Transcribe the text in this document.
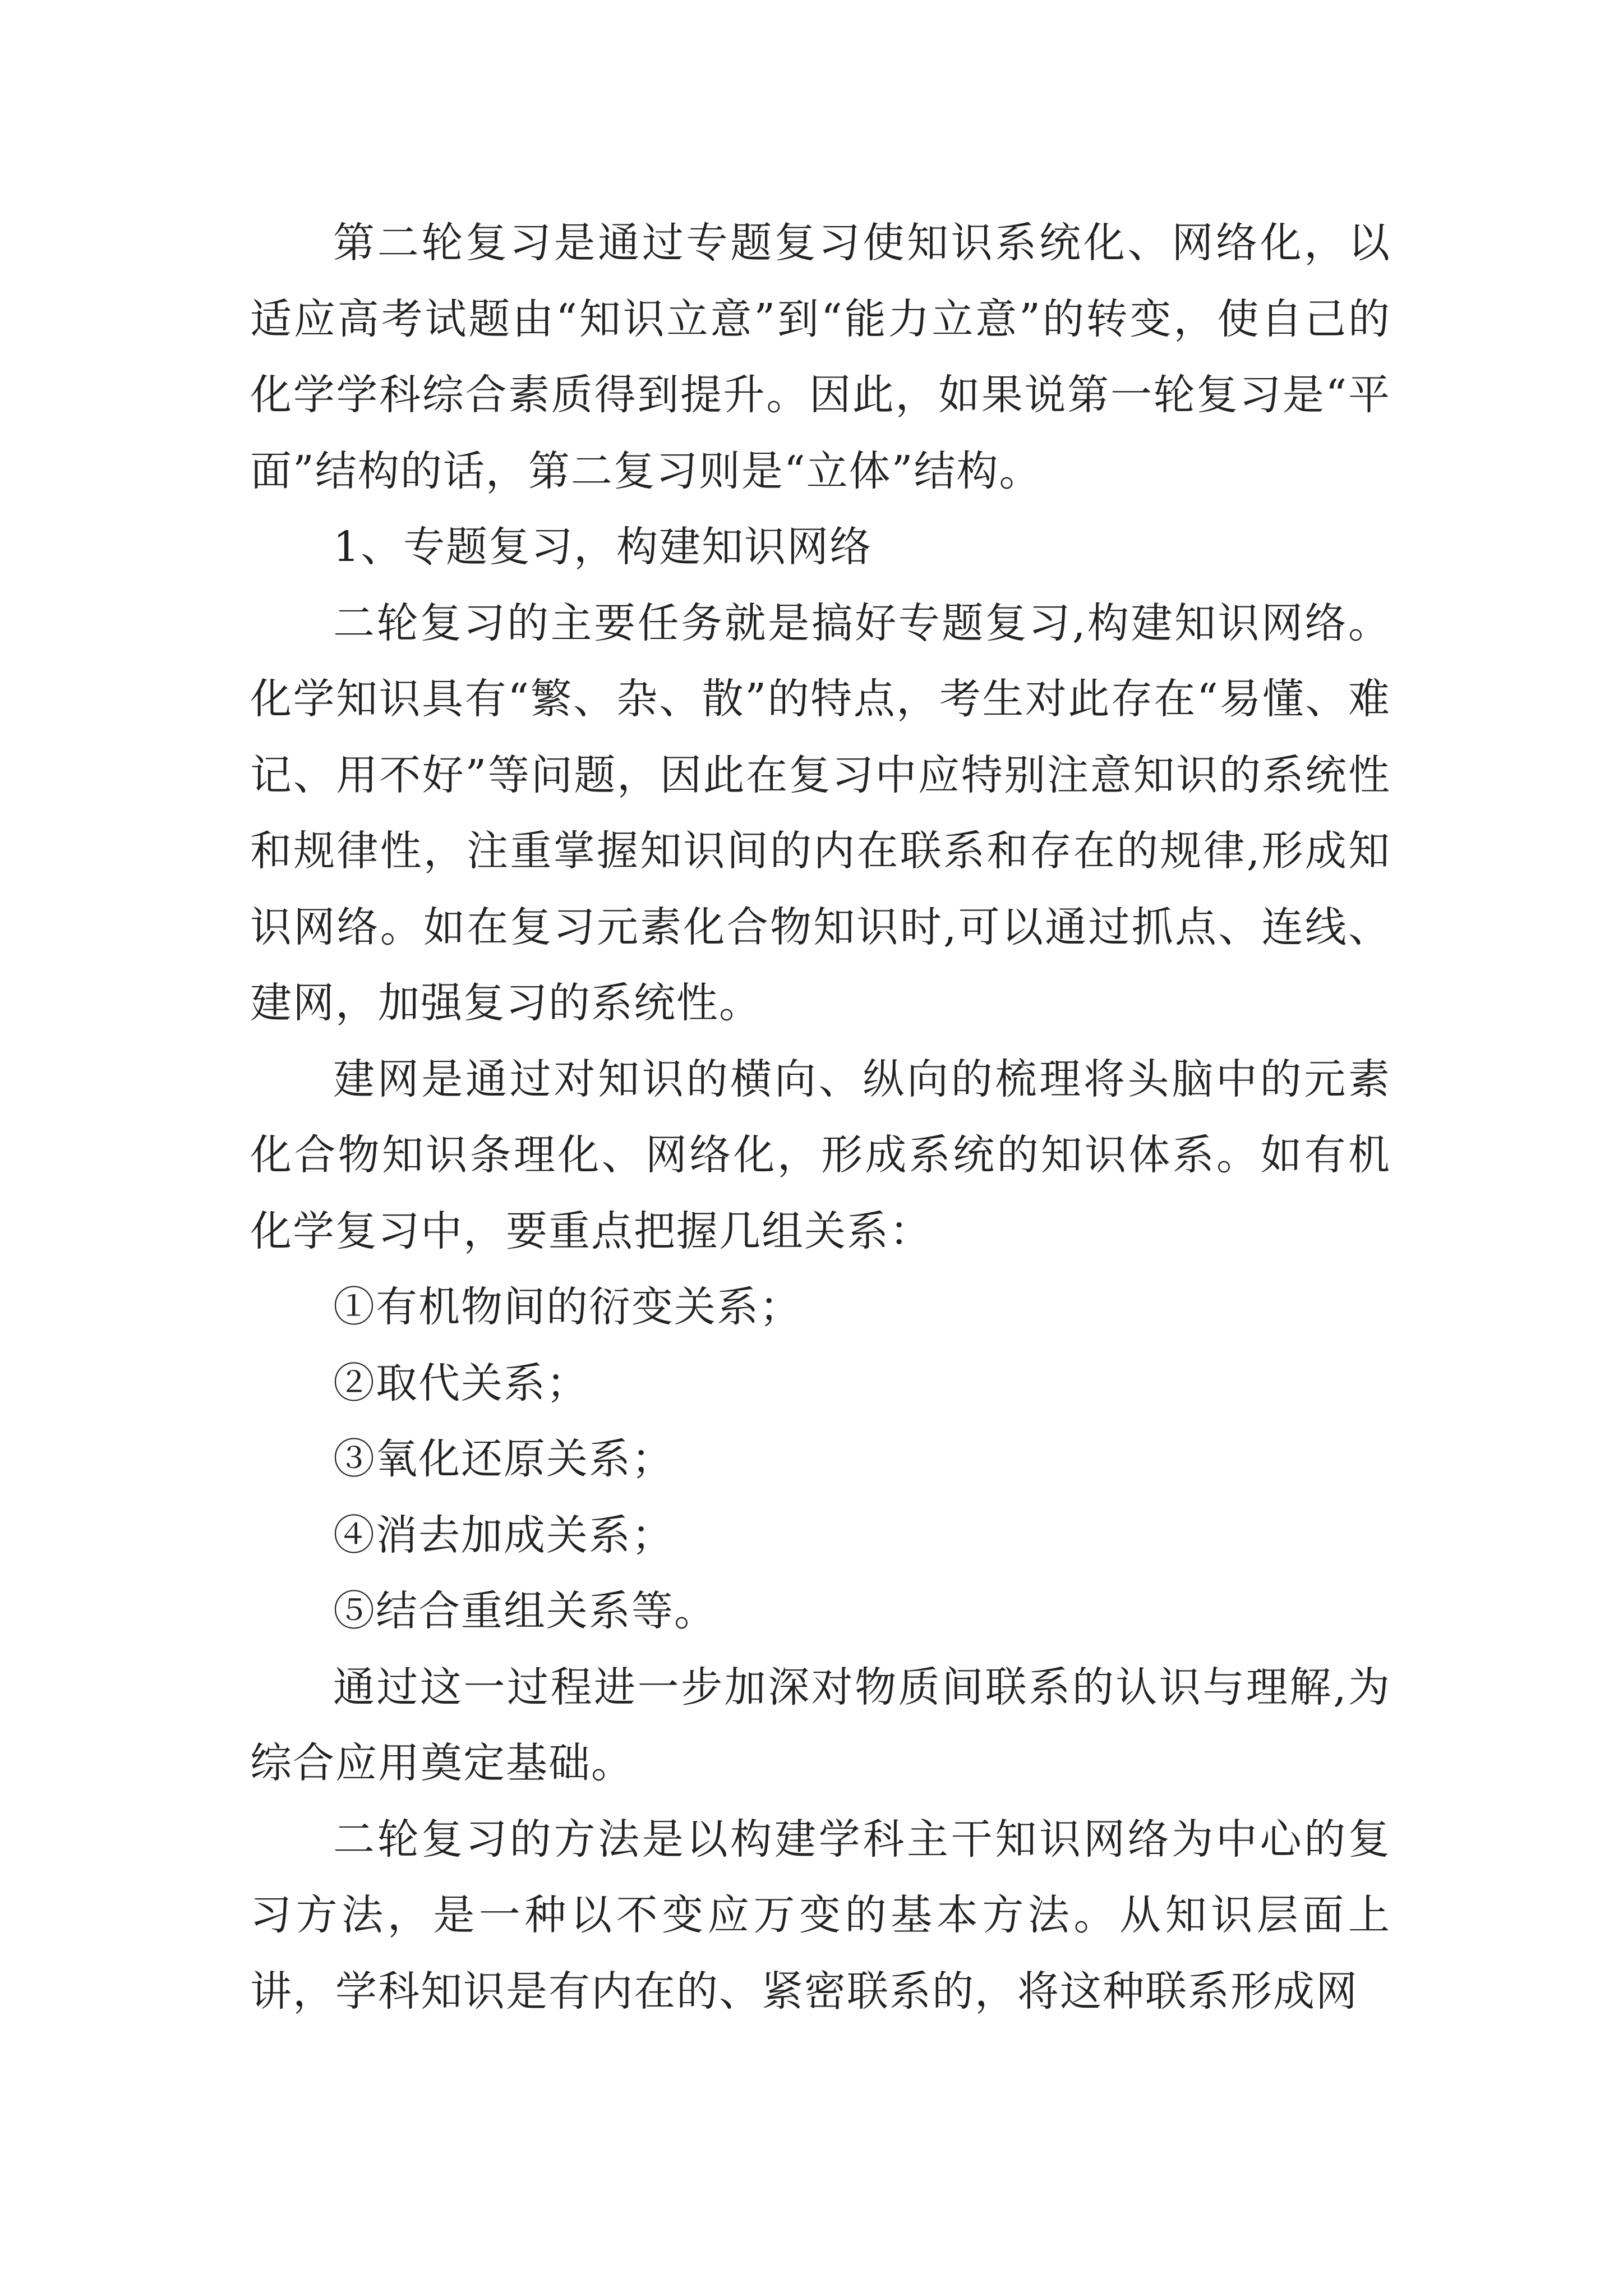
第二轮复习是通过专题复习使知识系统化、网络化，以适应高考试题由“知识立意”到“能力立意”的转变，使自己的化学学科综合素质得到提升。因此，如果说第一轮复习是“平面”结构的话，第二复习则是“立体”结构。

1、专题复习，构建知识网络

二轮复习的主要任务就是搞好专题复习,构建知识网络。化学知识具有“繁、杂、散”的特点，考生对此存在“易懂、难记、用不好”等问题，因此在复习中应特别注意知识的系统性和规律性，注重掌握知识间的内在联系和存在的规律,形成知识网络。如在复习元素化合物知识时,可以通过抓点、连线、建网，加强复习的系统性。

建网是通过对知识的横向、纵向的梳理将头脑中的元素化合物知识条理化、网络化，形成系统的知识体系。如有机化学复习中，要重点把握几组关系：

①有机物间的衍变关系；

②取代关系；

③氧化还原关系；

④消去加成关系；

⑤结合重组关系等。

通过这一过程进一步加深对物质间联系的认识与理解,为综合应用奠定基础。

二轮复习的方法是以构建学科主干知识网络为中心的复习方法，是一种以不变应万变的基本方法。从知识层面上讲，学科知识是有内在的、紧密联系的，将这种联系形成网
